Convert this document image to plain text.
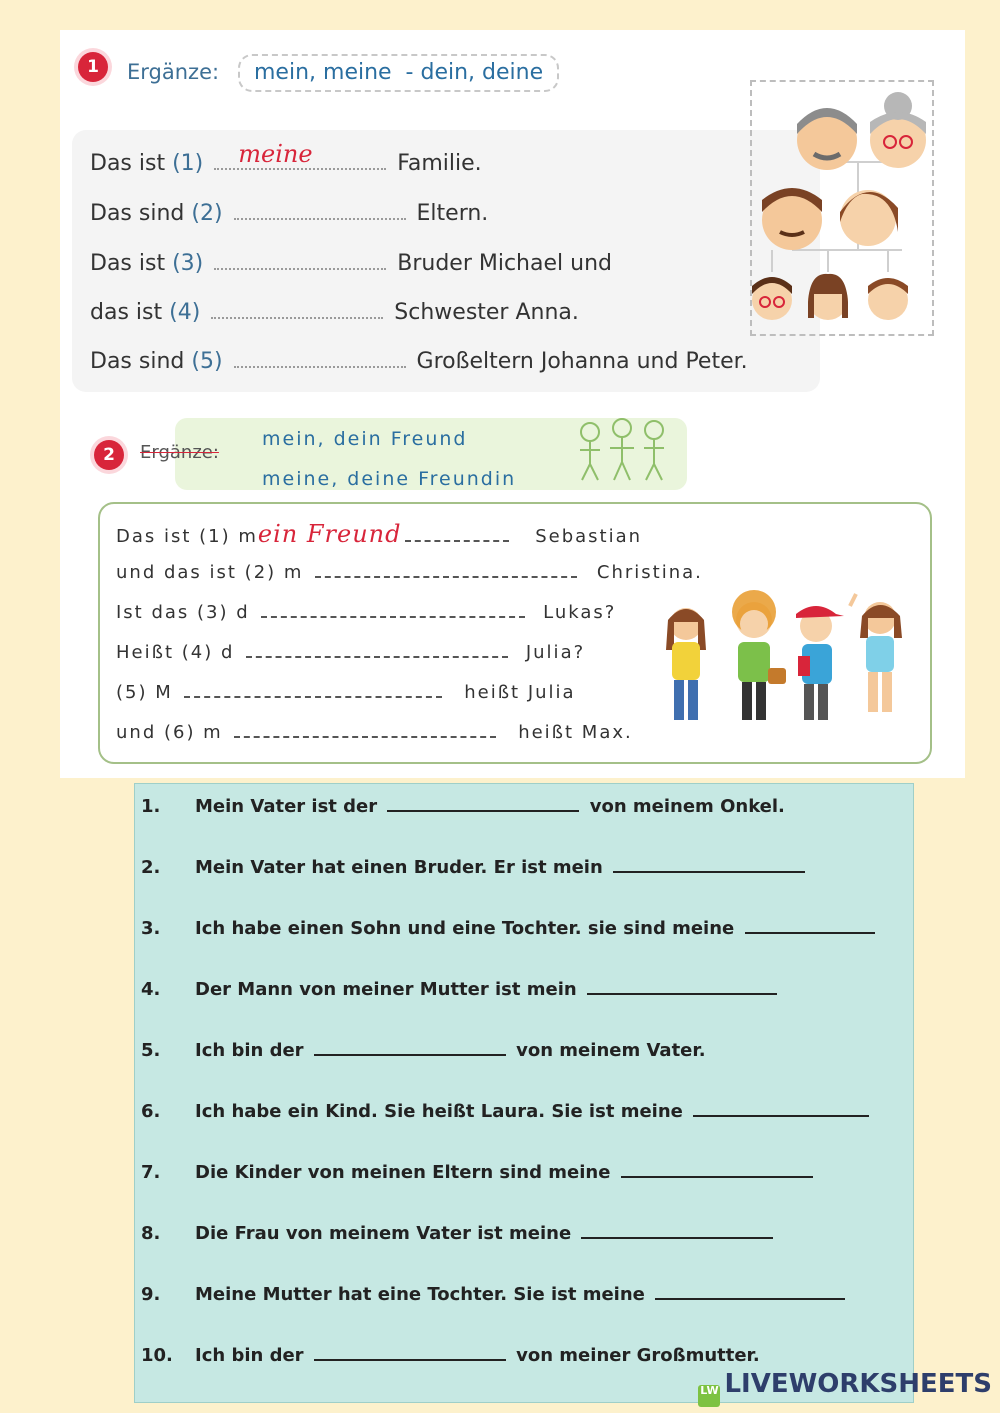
1	Ergänze:	mein, meine  - dein, deine
Das ist (1) meine	Familie.
Das sind (2)	Eltern.
Das ist (3)	Bruder Michael und
das ist (4)	Schwester Anna.
Das sind (5)	Großeltern Johanna und Peter.
2	Ergänze:
mein, dein Freund
meine, deine Freundin
Das ist (1) mein Freund	Sebastian
und das ist (2) m	Christina.
Ist das (3) d	Lukas?
Heißt (4) d	Julia?
(5) M	heißt Julia
und (6) m	heißt Max.
1. Mein Vater ist der	von meinem Onkel.
2. Mein Vater hat einen Bruder. Er ist mein
3. Ich habe einen Sohn und eine Tochter. sie sind meine
4. Der Mann von meiner Mutter ist mein
5. Ich bin der	von meinem Vater.
6. Ich habe ein Kind. Sie heißt Laura. Sie ist meine
7. Die Kinder von meinen Eltern sind meine
8. Die Frau von meinem Vater ist meine
9. Meine Mutter hat eine Tochter. Sie ist meine
10. Ich bin der	von meiner Großmutter.
LW LIVEWORKSHEETS
